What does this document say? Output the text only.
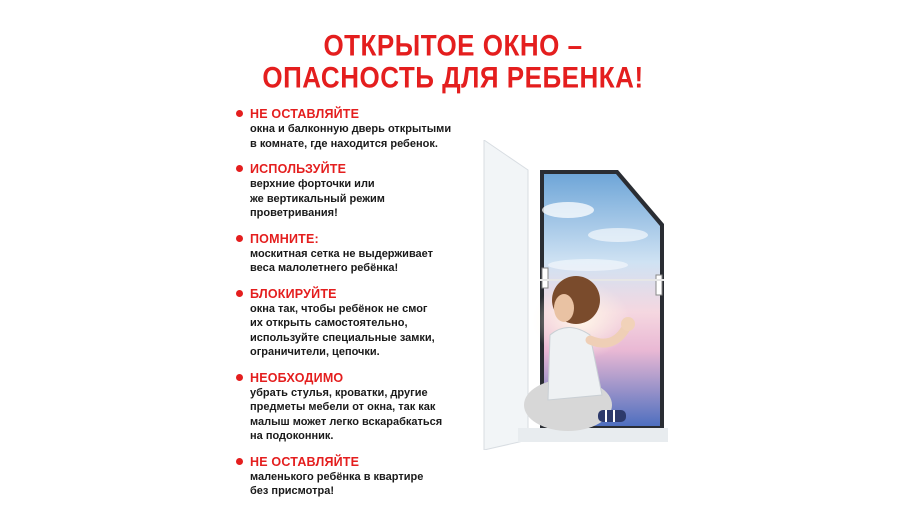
ОТКРЫТОЕ ОКНО –
ОПАСНОСТЬ ДЛЯ РЕБЕНКА!
НЕ ОСТАВЛЯЙТЕ
окна и балконную дверь открытыми
в комнате, где находится ребенок.
ИСПОЛЬЗУЙТЕ
верхние форточки или
же вертикальный режим
проветривания!
ПОМНИТЕ:
москитная сетка не выдерживает
веса малолетнего ребёнка!
БЛОКИРУЙТЕ
окна так, чтобы ребёнок не смог
их открыть самостоятельно,
используйте специальные замки,
ограничители, цепочки.
НЕОБХОДИМО
убрать стулья, кроватки, другие
предметы мебели от окна, так как
малыш может легко вскарабкаться
на подоконник.
НЕ ОСТАВЛЯЙТЕ
маленького ребёнка в квартире
без присмотра!
